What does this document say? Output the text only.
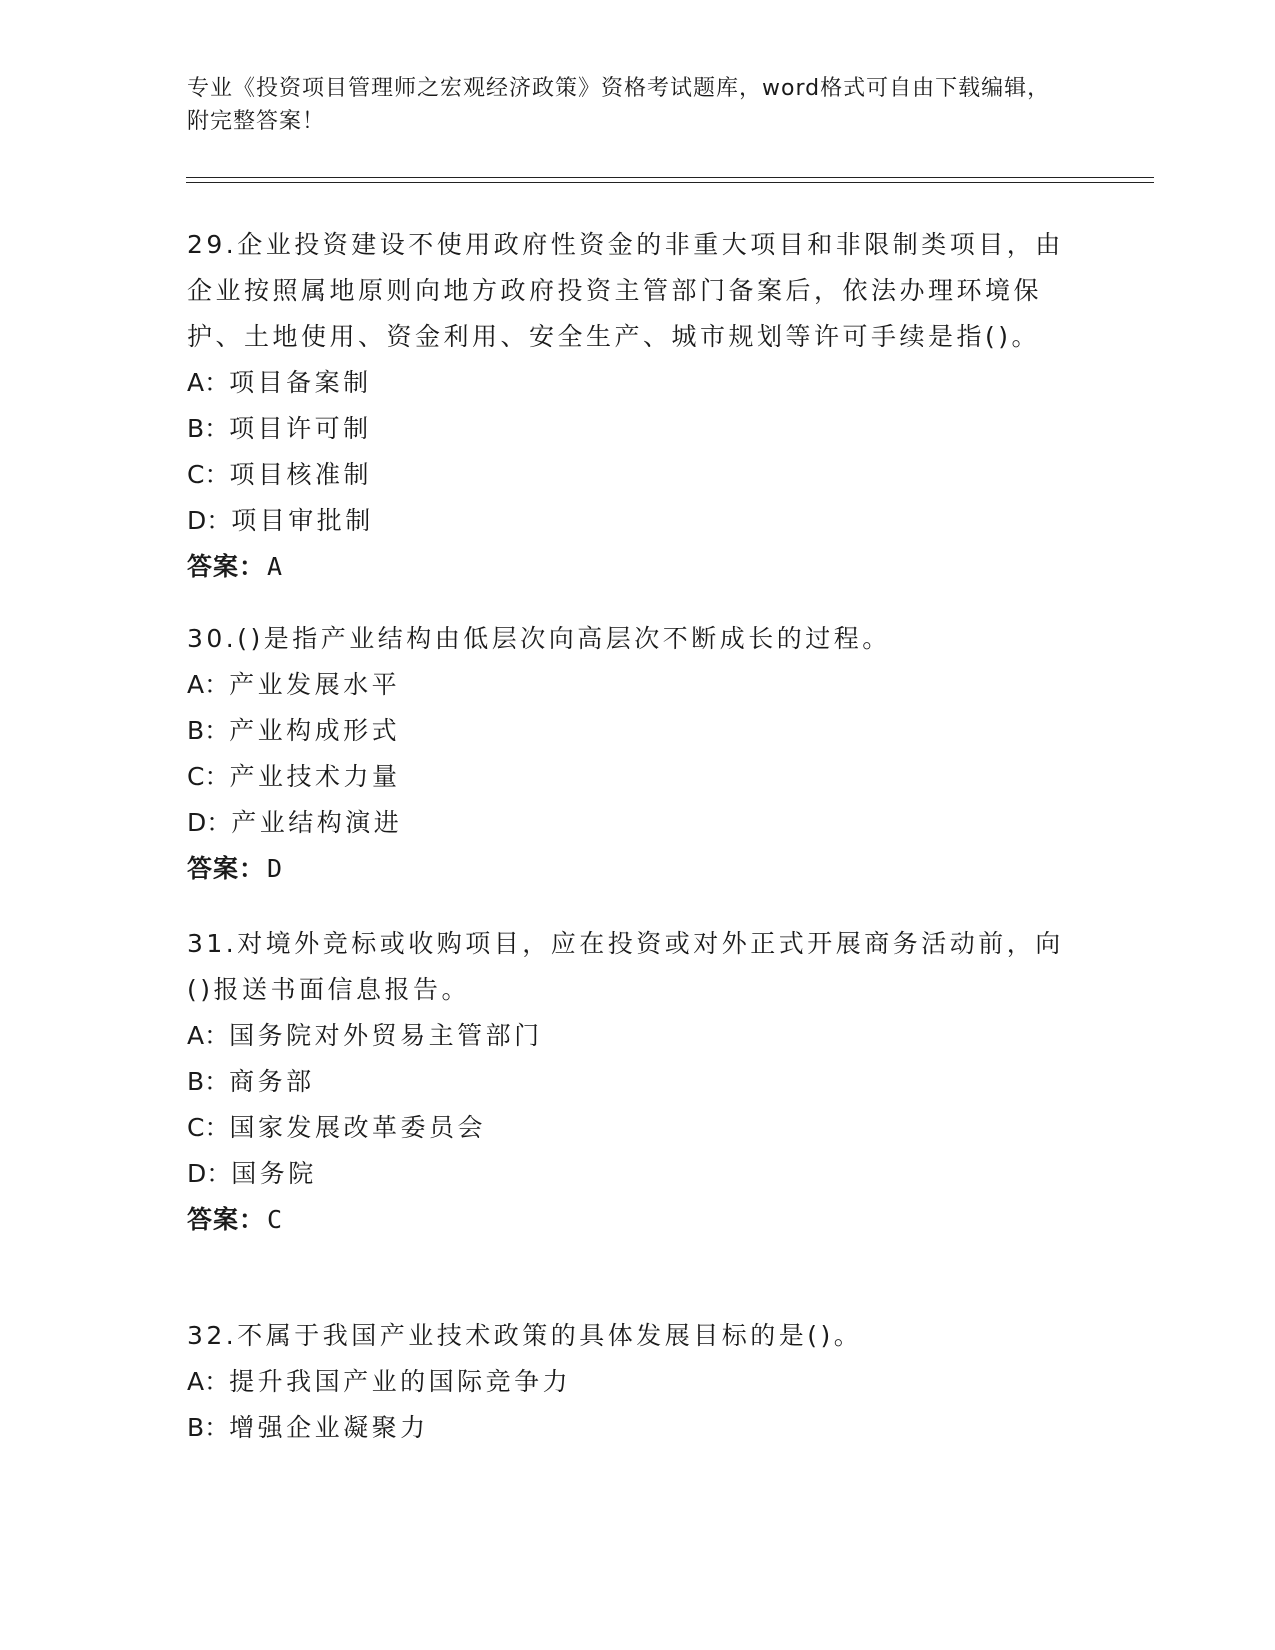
专业《投资项目管理师之宏观经济政策》资格考试题库，word格式可自由下载编辑，附完整答案！
29.企业投资建设不使用政府性资金的非重大项目和非限制类项目，由企业按照属地原则向地方政府投资主管部门备案后，依法办理环境保护、土地使用、资金利用、安全生产、城市规划等许可手续是指()。
A：项目备案制
B：项目许可制
C：项目核准制
D：项目审批制
答案：A
30.()是指产业结构由低层次向高层次不断成长的过程。
A：产业发展水平
B：产业构成形式
C：产业技术力量
D：产业结构演进
答案：D
31.对境外竞标或收购项目，应在投资或对外正式开展商务活动前，向()报送书面信息报告。
A：国务院对外贸易主管部门
B：商务部
C：国家发展改革委员会
D：国务院
答案：C
32.不属于我国产业技术政策的具体发展目标的是()。
A：提升我国产业的国际竞争力
B：增强企业凝聚力
